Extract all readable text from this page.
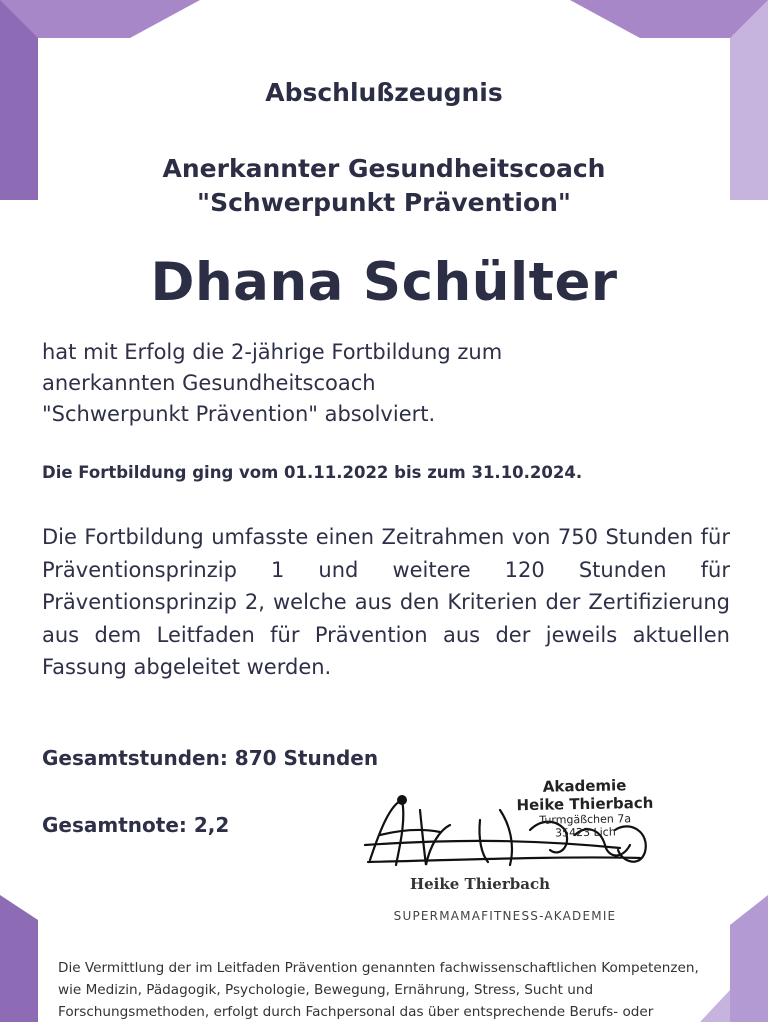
Abschlußzeugnis
Anerkannter Gesundheitscoach
"Schwerpunkt Prävention"
Dhana Schülter
hat mit Erfolg die 2-jährige Fortbildung zum
anerkannten Gesundheitscoach
"Schwerpunkt Prävention" absolviert.
Die Fortbildung ging vom 01.11.2022 bis zum 31.10.2024.
Die Fortbildung umfasste einen Zeitrahmen von 750 Stunden für Präventionsprinzip 1 und weitere 120 Stunden für Präventionsprinzip 2, welche aus den Kriterien der Zertifizierung aus dem Leitfaden für Prävention aus der jeweils aktuellen Fassung abgeleitet werden.
Gesamtstunden: 870 Stunden
Gesamtnote: 2,2
Akademie
Heike Thierbach
Turmgäßchen 7a
35423 Lich
Heike Thierbach
SUPERMAMAFITNESS-AKADEMIE
Die Vermittlung der im Leitfaden Prävention genannten fachwissenschaftlichen Kompetenzen,
wie Medizin, Pädagogik, Psychologie, Bewegung, Ernährung, Stress, Sucht und
Forschungsmethoden, erfolgt durch Fachpersonal das über entsprechende Berufs- oder
